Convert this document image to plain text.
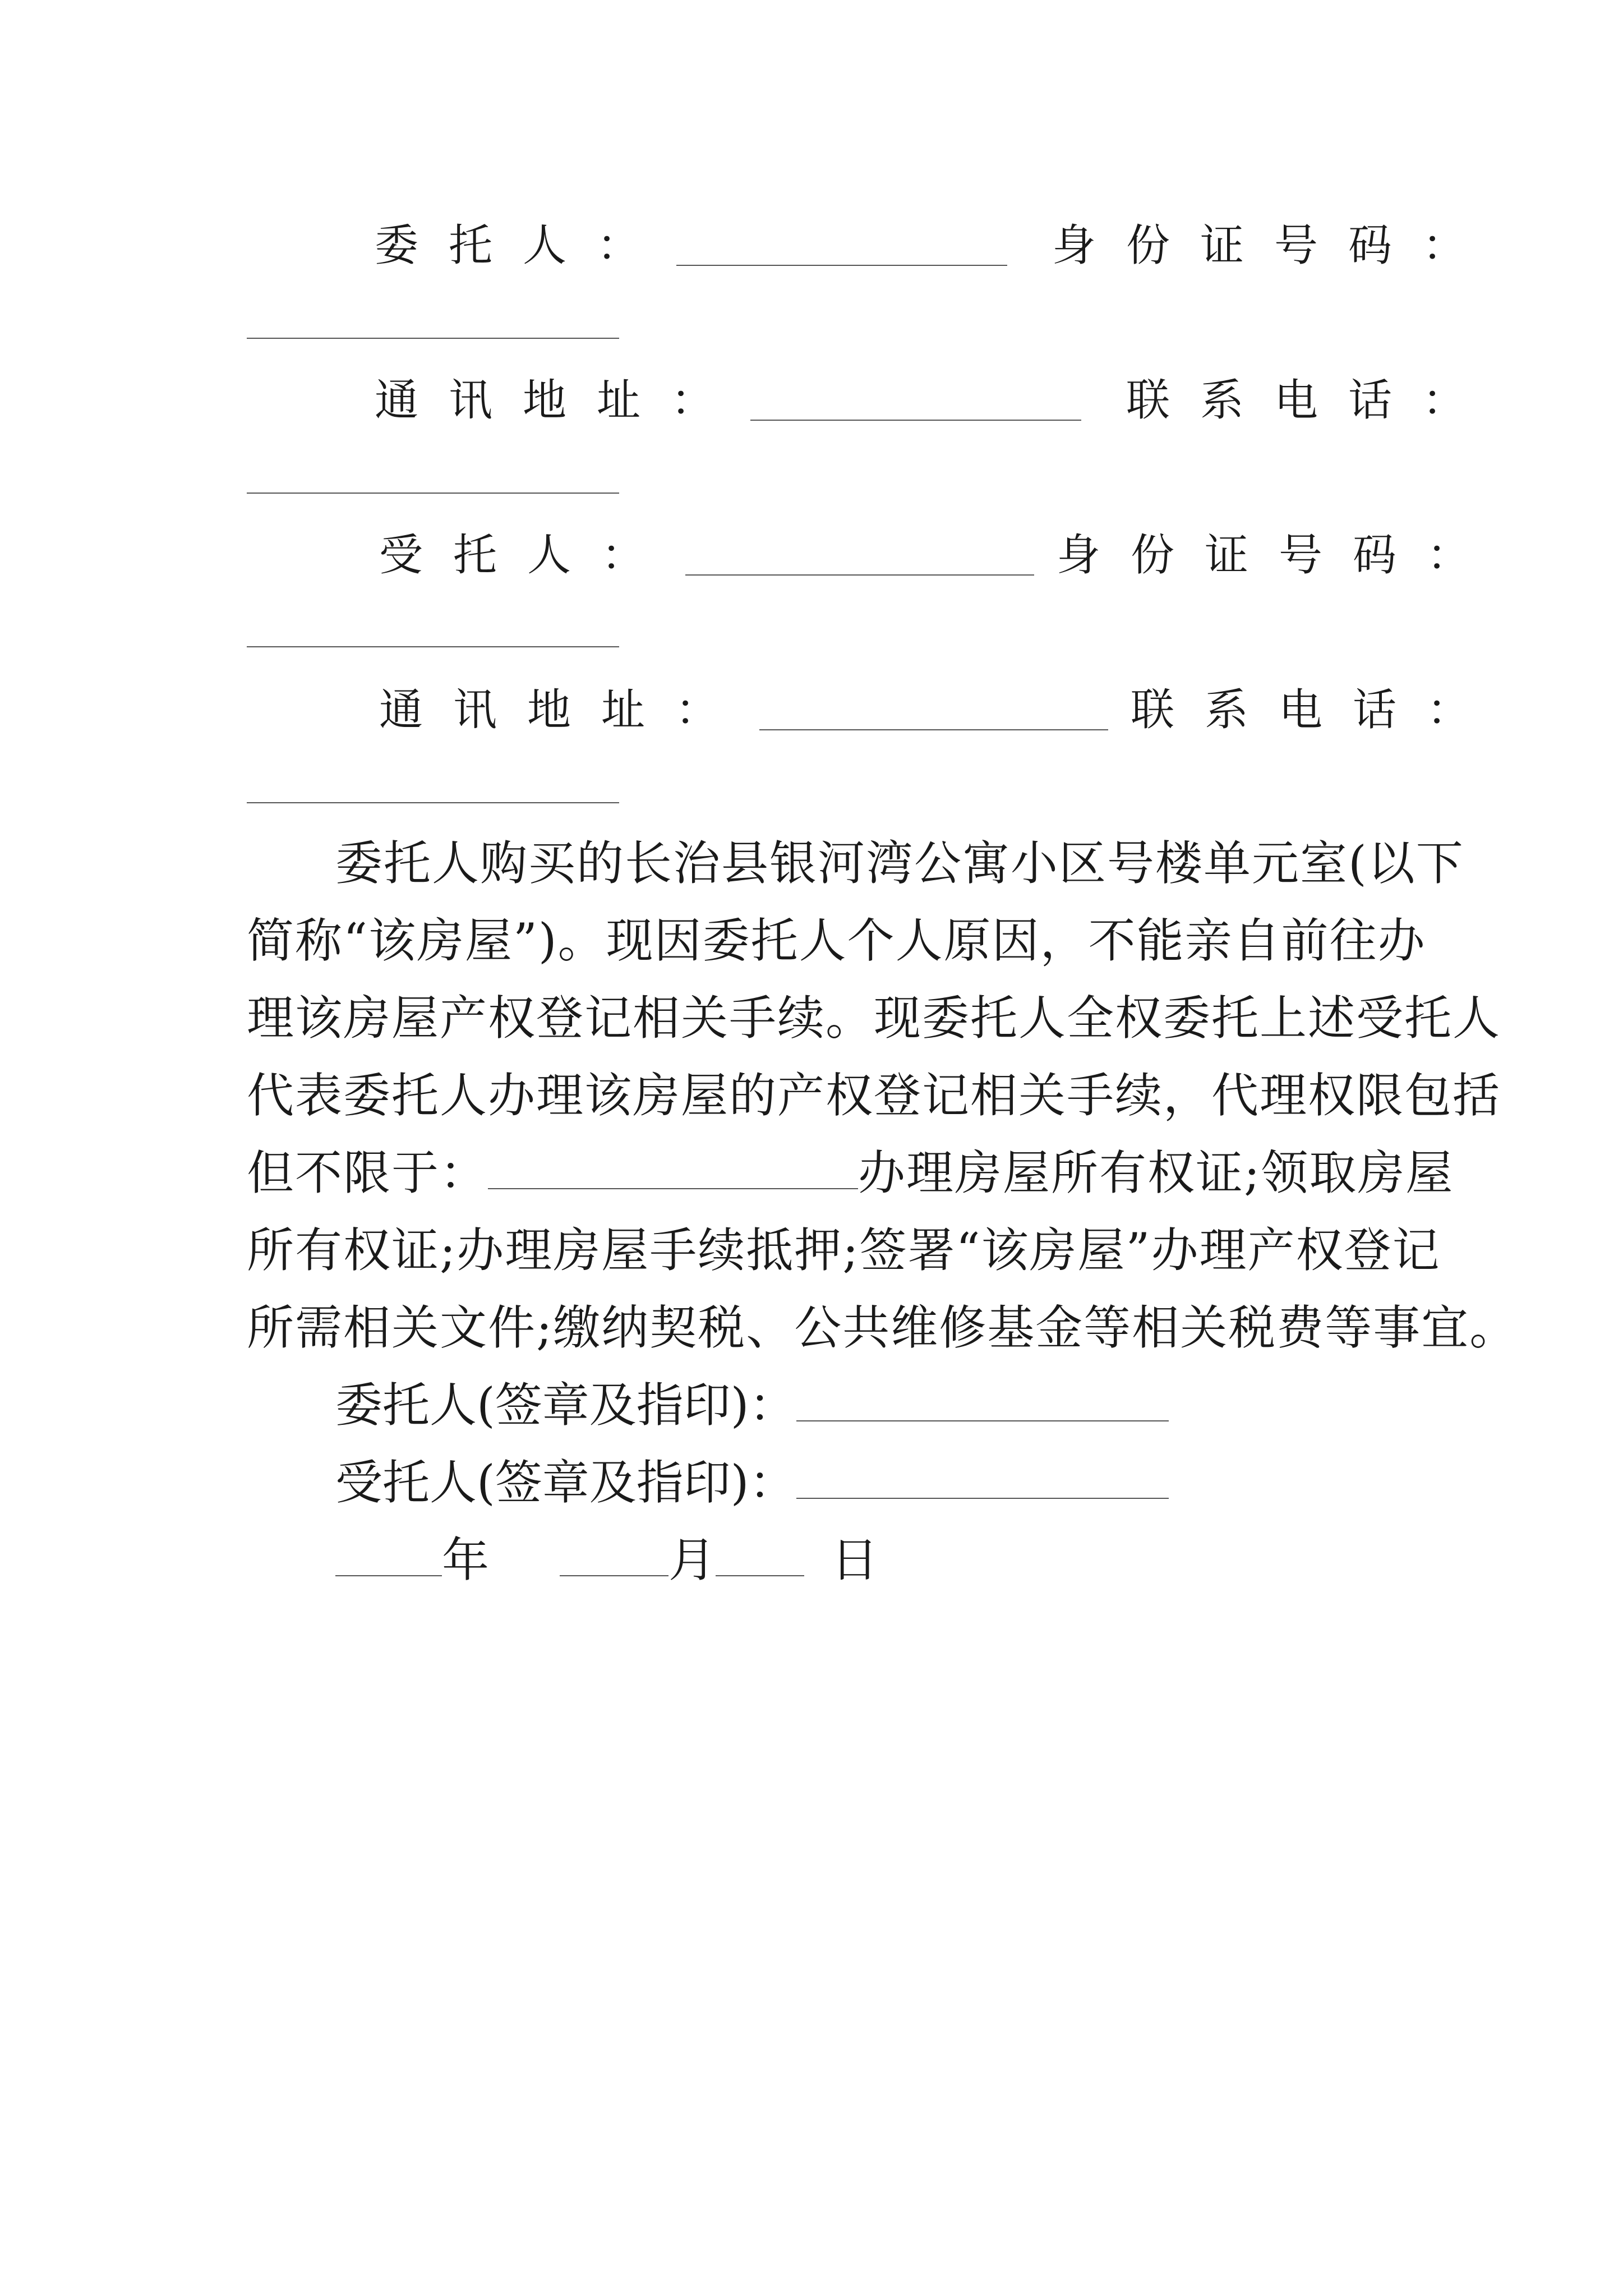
委托人：	身份证号码：
通讯地址：	联系电话：
受托人：	身份证号码：
通讯地址：	联系电话：
委托人购买的长治县银河湾公寓小区号楼单元室(以下
简称“该房屋”)。现因委托人个人原因，不能亲自前往办
理该房屋产权登记相关手续。现委托人全权委托上述受托人
代表委托人办理该房屋的产权登记相关手续，代理权限包括
但不限于：	办理房屋所有权证;领取房屋
所有权证;办理房屋手续抵押;签署“该房屋”办理产权登记
所需相关文件;缴纳契税、公共维修基金等相关税费等事宜。
委托人(签章及指印)：
受托人(签章及指印)：
年	月 日
